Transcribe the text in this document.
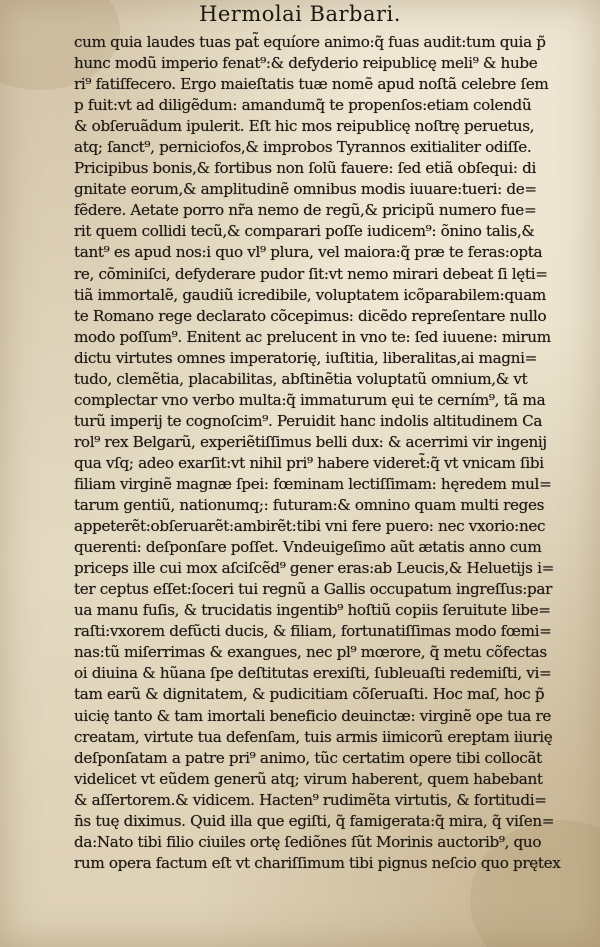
Hermolai Barbari.
cum quia laudes tuas pat̃ equíore animo:q̃ fuas audit:tum quia p̃
hunc modũ imperio fenat⁹:& defyderio reipublicę meli⁹ & hube
ri⁹ fatiſfecero. Ergo maieſtatis tuæ nomẽ apud noſtã celebre ſem
p fuit:vt ad diligẽdum: amandumq̃ te propenſos:etiam colendũ
& obſeruãdum ipulerit. Eſt hic mos reipublicę noſtrę peruetus,
atq; ſanct⁹, perniciofos,& improbos Tyrannos exitialiter odiſſe.
Pricipibus bonis,& fortibus non ſolũ fauere: ſed etiã obſequi: di
gnitate eorum,& amplitudinẽ omnibus modis iuuare:tueri: de=
fẽdere. Aetate porro nr̃a nemo de regũ,& pricipũ numero fue=
rit quem collidi tecũ,& comparari poſſe iudicem⁹: õnino talis,&
tant⁹ es apud nos:i quo vl⁹ plura, vel maiora:q̃ præ te feras:opta
re, cõminiſci, defyderare pudor ſit:vt nemo mirari debeat ſi lęti=
tiã immortalẽ, gaudiũ icredibile, voluptatem icõparabilem:quam
te Romano rege declarato cõcepimus: dicẽdo repreſentare nullo
modo poſſum⁹. Enitent ac prelucent in vno te: ſed iuuene: mirum
dictu virtutes omnes imperatorię, iuſtitia, liberalitas,ai magni=
tudo, clemẽtia, placabilitas, abſtinẽtia voluptatũ omnium,& vt
complectar vno verbo multa:q̃ immaturum ęui te cerním⁹, tã ma
turũ imperij te cognoſcim⁹. Peruidit hanc indolis altitudinem Ca
rol⁹ rex Belgarũ, experiẽtiſſimus belli dux: & acerrimi vir ingenij
qua vſq; adeo exarſit:vt nihil pri⁹ habere videret̃:q̃ vt vnicam ſibi
filiam virginẽ magnæ ſpei: fœminam lectiſſimam: hęredem mul=
tarum gentiũ, nationumq;: futuram:& omnino quam multi reges
appeterẽt:obſeruarẽt:ambirẽt:tibi vni fere puero: nec vxorio:nec
querenti: deſponſare poſſet. Vndeuigeſimo aũt ætatis anno cum
priceps ille cui mox aſciſcẽd⁹ gener eras:ab Leucis,& Heluetijs i=
ter ceptus eſſet:ſoceri tui regnũ a Gallis occupatum ingreſſus:par
ua manu fuſis, & trucidatis ingentib⁹ hoſtiũ copiis ſeruitute libe=
raſti:vxorem defũcti ducis, & filiam, fortunatiſſimas modo fœmi=
nas:tũ miſerrimas & exangues, nec pl⁹ mœrore, q̃ metu cõfectas
oi diuina & hũana ſpe deſtitutas erexiſti, ſubleuaſti redemiſti, vi=
tam earũ & dignitatem, & pudicitiam cõſeruaſti. Hoc maſ, hoc p̃
uicię tanto & tam imortali beneficio deuinctæ: virginẽ ope tua re
creatam, virtute tua defenſam, tuis armis iimicorũ ereptam iiurię
deſponſatam a patre pri⁹ animo, tũc certatim opere tibi collocãt
videlicet vt eũdem generũ atq; virum haberent, quem habebant
& aſſertorem.& vidicem. Hacten⁹ rudimẽta virtutis, & fortitudi=
n̄s tuę diximus. Quid illa que egiſti, q̃ famigerata:q̃ mira, q̃ viſen=
da:Nato tibi filio ciuiles ortę ſediõnes ſũt Morinis auctorib⁹, quo
rum opera factum eſt vt chariſſimum tibi pignus neſcio quo prętex
